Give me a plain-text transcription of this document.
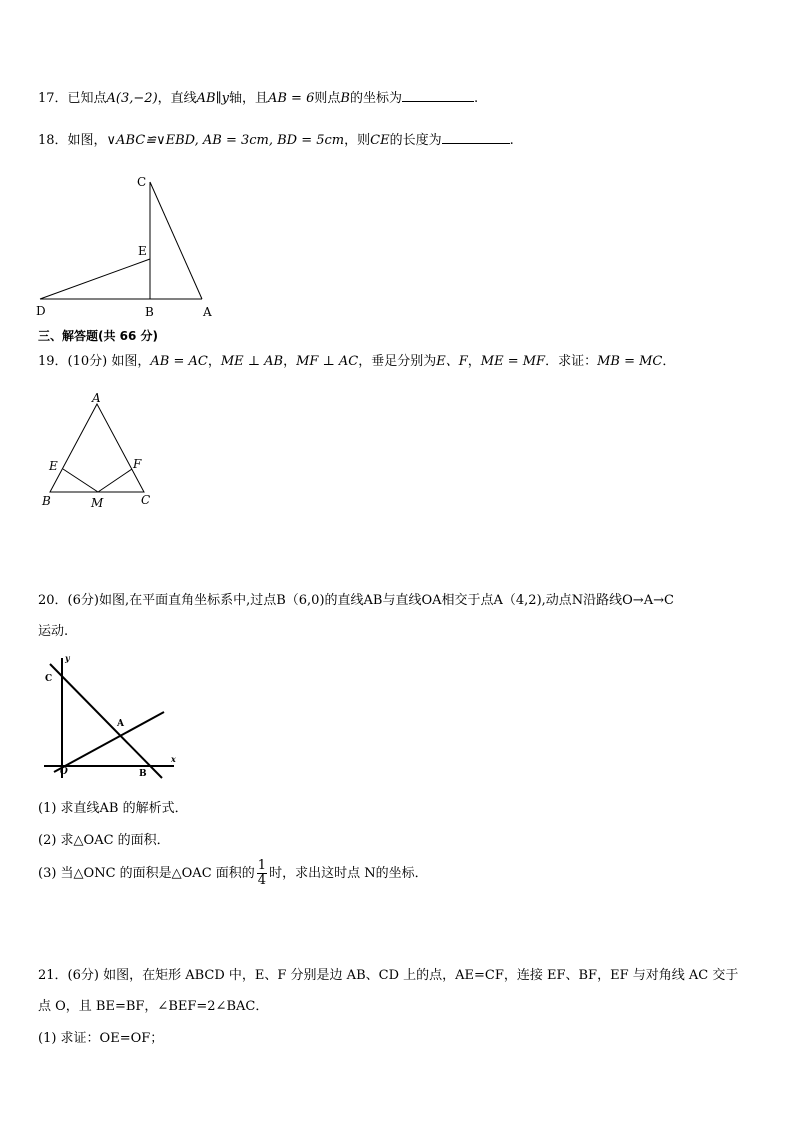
17．已知点A(3,−2)，直线AB∥y轴，且AB = 6则点B的坐标为	.
18．如图，∨ABC≌∨EBD, AB = 3cm, BD = 5cm，则CE的长度为	.
C
E
D	B	A
三、解答题(共 66 分)
19．(10分) 如图，AB = AC，ME ⊥ AB，MF ⊥ AC，垂足分别为E、F，ME = MF．求证：MB = MC．
A
E	F
B	M	C
20．(6分)如图,在平面直角坐标系中,过点B（6,0)的直线AB与直线OA相交于点A（4,2),动点N沿路线O→A→C
运动.
y
x
C
A
O	B
(1) 求直线AB 的解析式．
(2) 求△OAC 的面积．
(3) 当△ONC 的面积是△OAC 面积的 $\frac{1}{4}$ 时，求出这时点 N的坐标．
21．(6分) 如图，在矩形 ABCD 中，E、F 分别是边 AB、CD 上的点，AE=CF，连接 EF、BF，EF 与对角线 AC 交于
点 O，且 BE=BF，∠BEF=2∠BAC．
(1) 求证：OE=OF；
